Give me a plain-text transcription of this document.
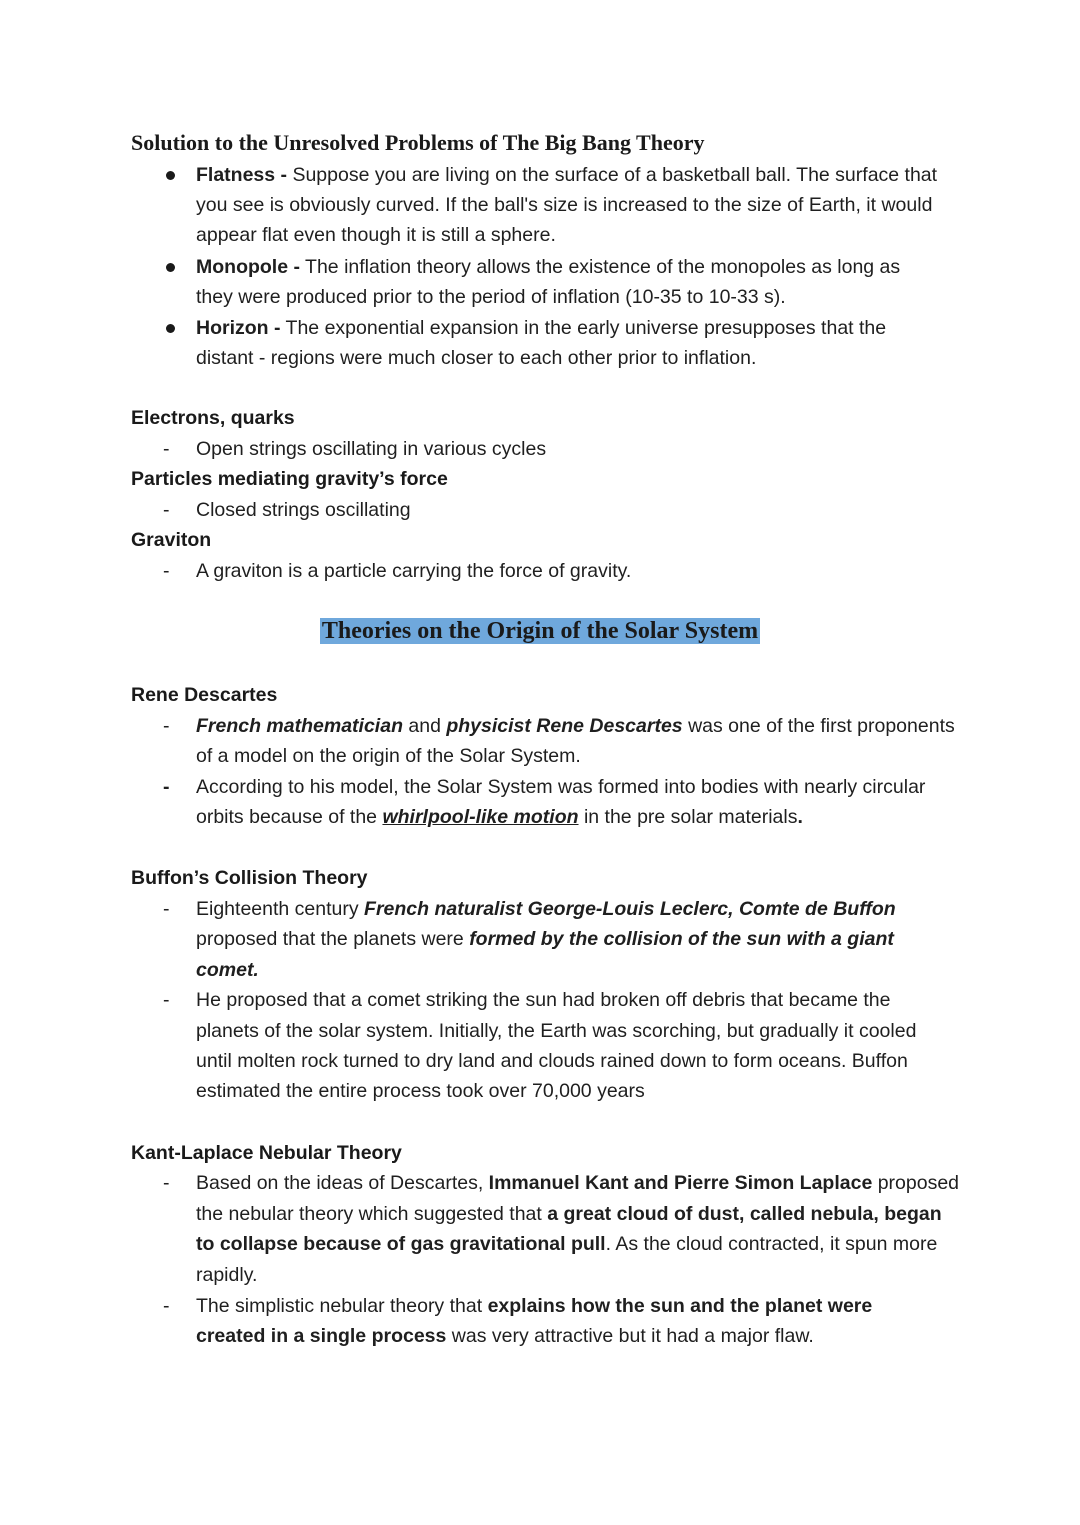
Solution to the Unresolved Problems of The Big Bang Theory
Flatness - Suppose you are living on the surface of a basketball ball. The surface that
you see is obviously curved. If the ball's size is increased to the size of Earth, it would
appear flat even though it is still a sphere.
Monopole - The inflation theory allows the existence of the monopoles as long as
they were produced prior to the period of inflation (10-35 to 10-33 s).
Horizon - The exponential expansion in the early universe presupposes that the
distant - regions were much closer to each other prior to inflation.
Electrons, quarks
- Open strings oscillating in various cycles
Particles mediating gravity’s force
- Closed strings oscillating
Graviton
- A graviton is a particle carrying the force of gravity.
Theories on the Origin of the Solar System
Rene Descartes
- French mathematician and physicist Rene Descartes was one of the first proponents
of a model on the origin of the Solar System.
- According to his model, the Solar System was formed into bodies with nearly circular
orbits because of the whirlpool-like motion in the pre solar materials.
Buffon’s Collision Theory
- Eighteenth century French naturalist George-Louis Leclerc, Comte de Buffon
proposed that the planets were formed by the collision of the sun with a giant
comet.
- He proposed that a comet striking the sun had broken off debris that became the
planets of the solar system. Initially, the Earth was scorching, but gradually it cooled
until molten rock turned to dry land and clouds rained down to form oceans. Buffon
estimated the entire process took over 70,000 years
Kant-Laplace Nebular Theory
- Based on the ideas of Descartes, Immanuel Kant and Pierre Simon Laplace proposed
the nebular theory which suggested that a great cloud of dust, called nebula, began
to collapse because of gas gravitational pull. As the cloud contracted, it spun more
rapidly.
- The simplistic nebular theory that explains how the sun and the planet were
created in a single process was very attractive but it had a major flaw.
